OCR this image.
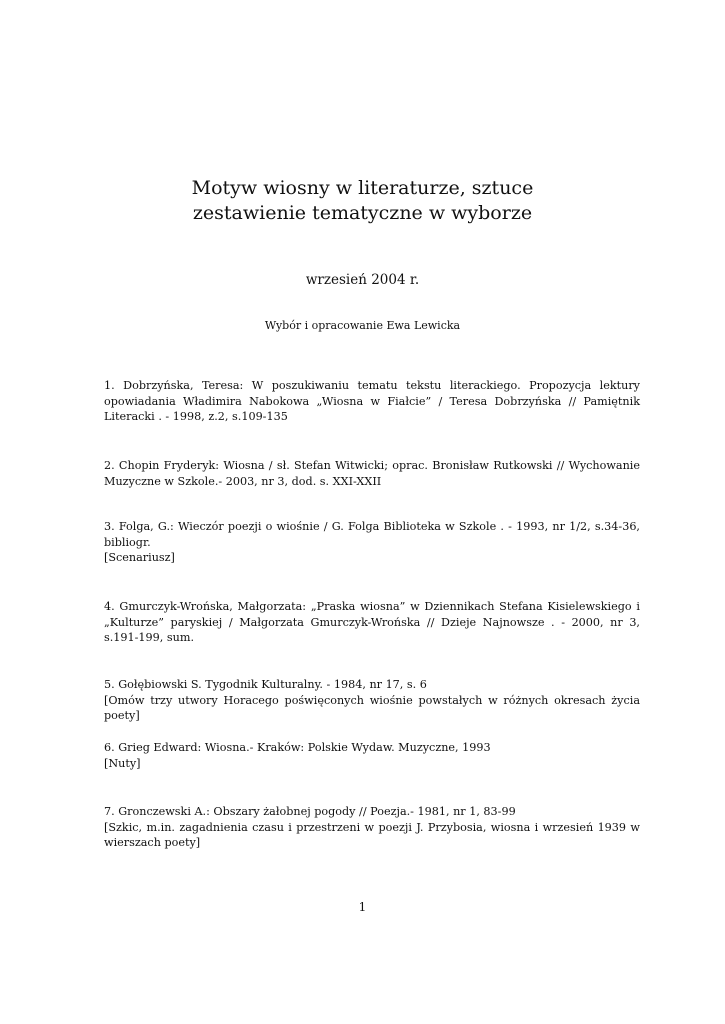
Motyw wiosny w literaturze, sztuce

zestawienie tematyczne w wyborze

wrzesień 2004 r.
Wybór i opracowanie Ewa Lewicka

1. Dobrzyńska, Teresa: W poszukiwaniu tematu tekstu literackiego. Propozycja lektury opowiadania Władimira Nabokowa „Wiosna w Fiałcie” / Teresa Dobrzyńska // Pamiętnik Literacki . - 1998, z.2, s.109-135

2. Chopin Fryderyk: Wiosna / sł. Stefan Witwicki; oprac. Bronisław Rutkowski // Wychowanie Muzyczne w Szkole.- 2003, nr 3, dod. s. XXI-XXII

3. Folga, G.: Wieczór poezji o wiośnie / G. Folga Biblioteka w Szkole . - 1993, nr 1/2, s.34-36, bibliogr.

[Scenariusz]

4. Gmurczyk-Wrońska, Małgorzata: „Praska wiosna” w Dziennikach Stefana Kisielewskiego i „Kulturze” paryskiej / Małgorzata Gmurczyk-Wrońska // Dzieje Najnowsze . - 2000, nr 3, s.191-199, sum.

5. Gołębiowski S. Tygodnik Kulturalny. - 1984, nr 17, s. 6

[Omów trzy utwory Horacego poświęconych wiośnie powstałych w różnych okresach życia poety]

6. Grieg Edward: Wiosna.- Kraków: Polskie Wydaw. Muzyczne, 1993

[Nuty]

7. Gronczewski A.: Obszary żałobnej pogody // Poezja.- 1981, nr 1, 83-99

[Szkic, m.in. zagadnienia czasu i przestrzeni w poezji J. Przybosia, wiosna i wrzesień 1939 w wierszach poety]

1
